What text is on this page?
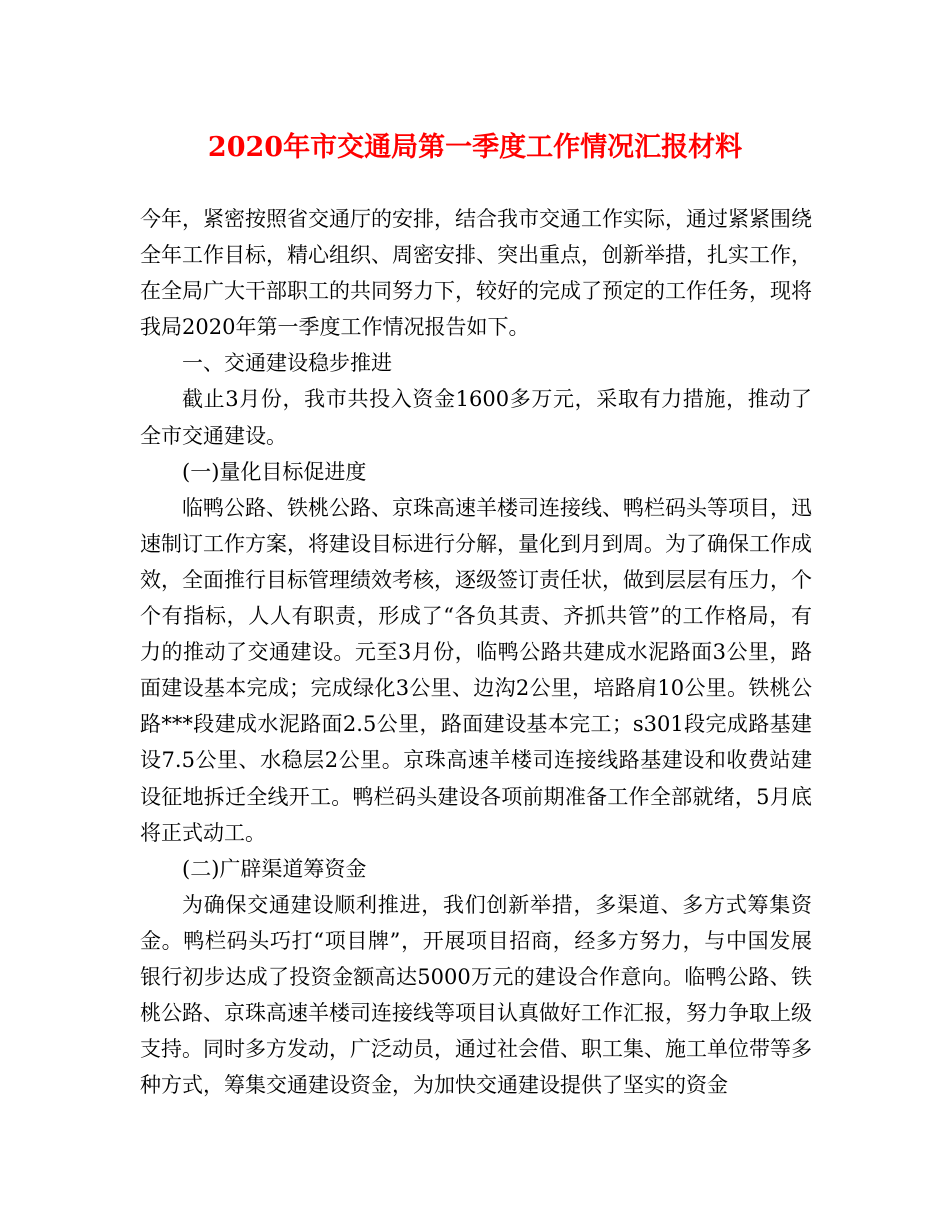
2020年市交通局第一季度工作情况汇报材料

今年，紧密按照省交通厅的安排，结合我市交通工作实际，通过紧紧围绕全年工作目标，精心组织、周密安排、突出重点，创新举措，扎实工作，在全局广大干部职工的共同努力下，较好的完成了预定的工作任务，现将我局2020年第一季度工作情况报告如下。

一、交通建设稳步推进

截止3月份，我市共投入资金1600多万元，采取有力措施，推动了全市交通建设。

(一)量化目标促进度

临鸭公路、铁桃公路、京珠高速羊楼司连接线、鸭栏码头等项目，迅速制订工作方案，将建设目标进行分解，量化到月到周。为了确保工作成效，全面推行目标管理绩效考核，逐级签订责任状，做到层层有压力，个个有指标，人人有职责，形成了“各负其责、齐抓共管”的工作格局，有力的推动了交通建设。元至3月份，临鸭公路共建成水泥路面3公里，路面建设基本完成；完成绿化3公里、边沟2公里，培路肩10公里。铁桃公路***段建成水泥路面2.5公里，路面建设基本完工；s301段完成路基建设7.5公里、水稳层2公里。京珠高速羊楼司连接线路基建设和收费站建设征地拆迁全线开工。鸭栏码头建设各项前期准备工作全部就绪，5月底将正式动工。

(二)广辟渠道筹资金

为确保交通建设顺利推进，我们创新举措，多渠道、多方式筹集资金。鸭栏码头巧打“项目牌”，开展项目招商，经多方努力，与中国发展银行初步达成了投资金额高达5000万元的建设合作意向。临鸭公路、铁桃公路、京珠高速羊楼司连接线等项目认真做好工作汇报，努力争取上级支持。同时多方发动，广泛动员，通过社会借、职工集、施工单位带等多种方式，筹集交通建设资金，为加快交通建设提供了坚实的资金
